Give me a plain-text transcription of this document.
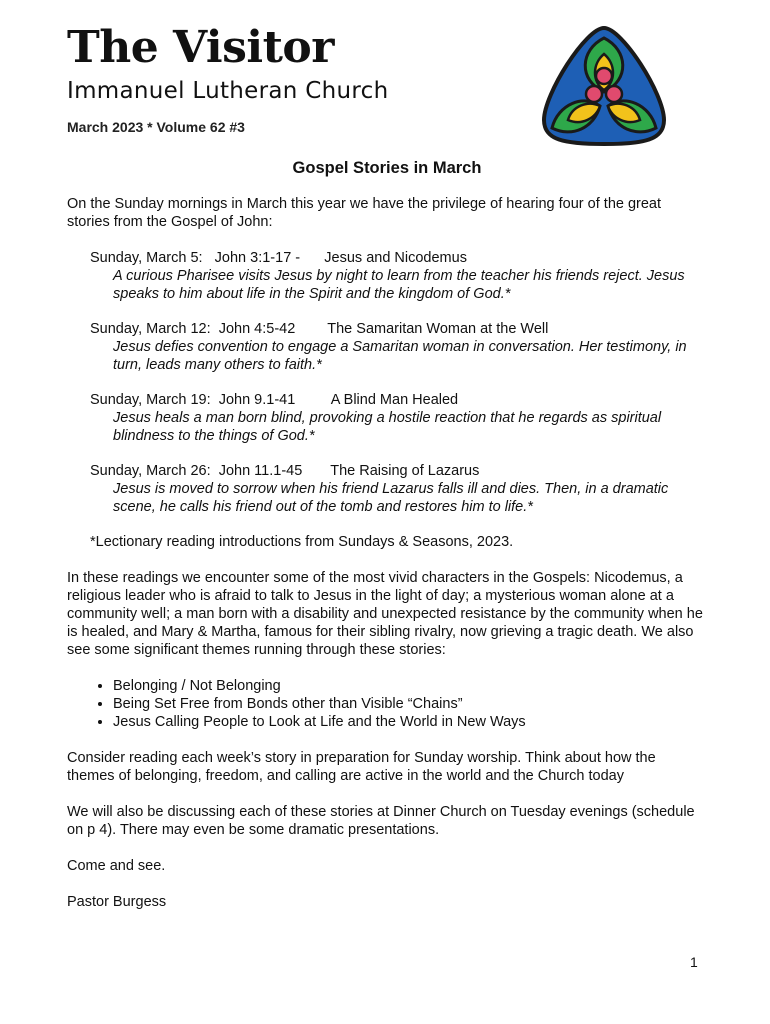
The Visitor
Immanuel Lutheran Church
March 2023 * Volume 62 #3
Gospel Stories in March

On the Sunday mornings in March this year we have the privilege of hearing four of the great stories from the Gospel of John:

Sunday, March 5: John 3:1-17 - Jesus and Nicodemus
A curious Pharisee visits Jesus by night to learn from the teacher his friends reject. Jesus speaks to him about life in the Spirit and the kingdom of God.*
Sunday, March 12: John 4:5-42 The Samaritan Woman at the Well
Jesus defies convention to engage a Samaritan woman in conversation. Her testimony, in turn, leads many others to faith.*
Sunday, March 19: John 9.1-41 A Blind Man Healed
Jesus heals a man born blind, provoking a hostile reaction that he regards as spiritual blindness to the things of God.*
Sunday, March 26: John 11.1-45 The Raising of Lazarus
Jesus is moved to sorrow when his friend Lazarus falls ill and dies. Then, in a dramatic scene, he calls his friend out of the tomb and restores him to life.*

*Lectionary reading introductions from Sundays & Seasons, 2023.

In these readings we encounter some of the most vivid characters in the Gospels: Nicodemus, a religious leader who is afraid to talk to Jesus in the light of day; a mysterious woman alone at a community well; a man born with a disability and unexpected resistance by the community when he is healed, and Mary & Martha, famous for their sibling rivalry, now grieving a tragic death. We also see some significant themes running through these stories:

• Belonging / Not Belonging
• Being Set Free from Bonds other than Visible “Chains”
• Jesus Calling People to Look at Life and the World in New Ways

Consider reading each week’s story in preparation for Sunday worship. Think about how the themes of belonging, freedom, and calling are active in the world and the Church today

We will also be discussing each of these stories at Dinner Church on Tuesday evenings (schedule on p 4). There may even be some dramatic presentations.

Come and see.

Pastor Burgess

1
